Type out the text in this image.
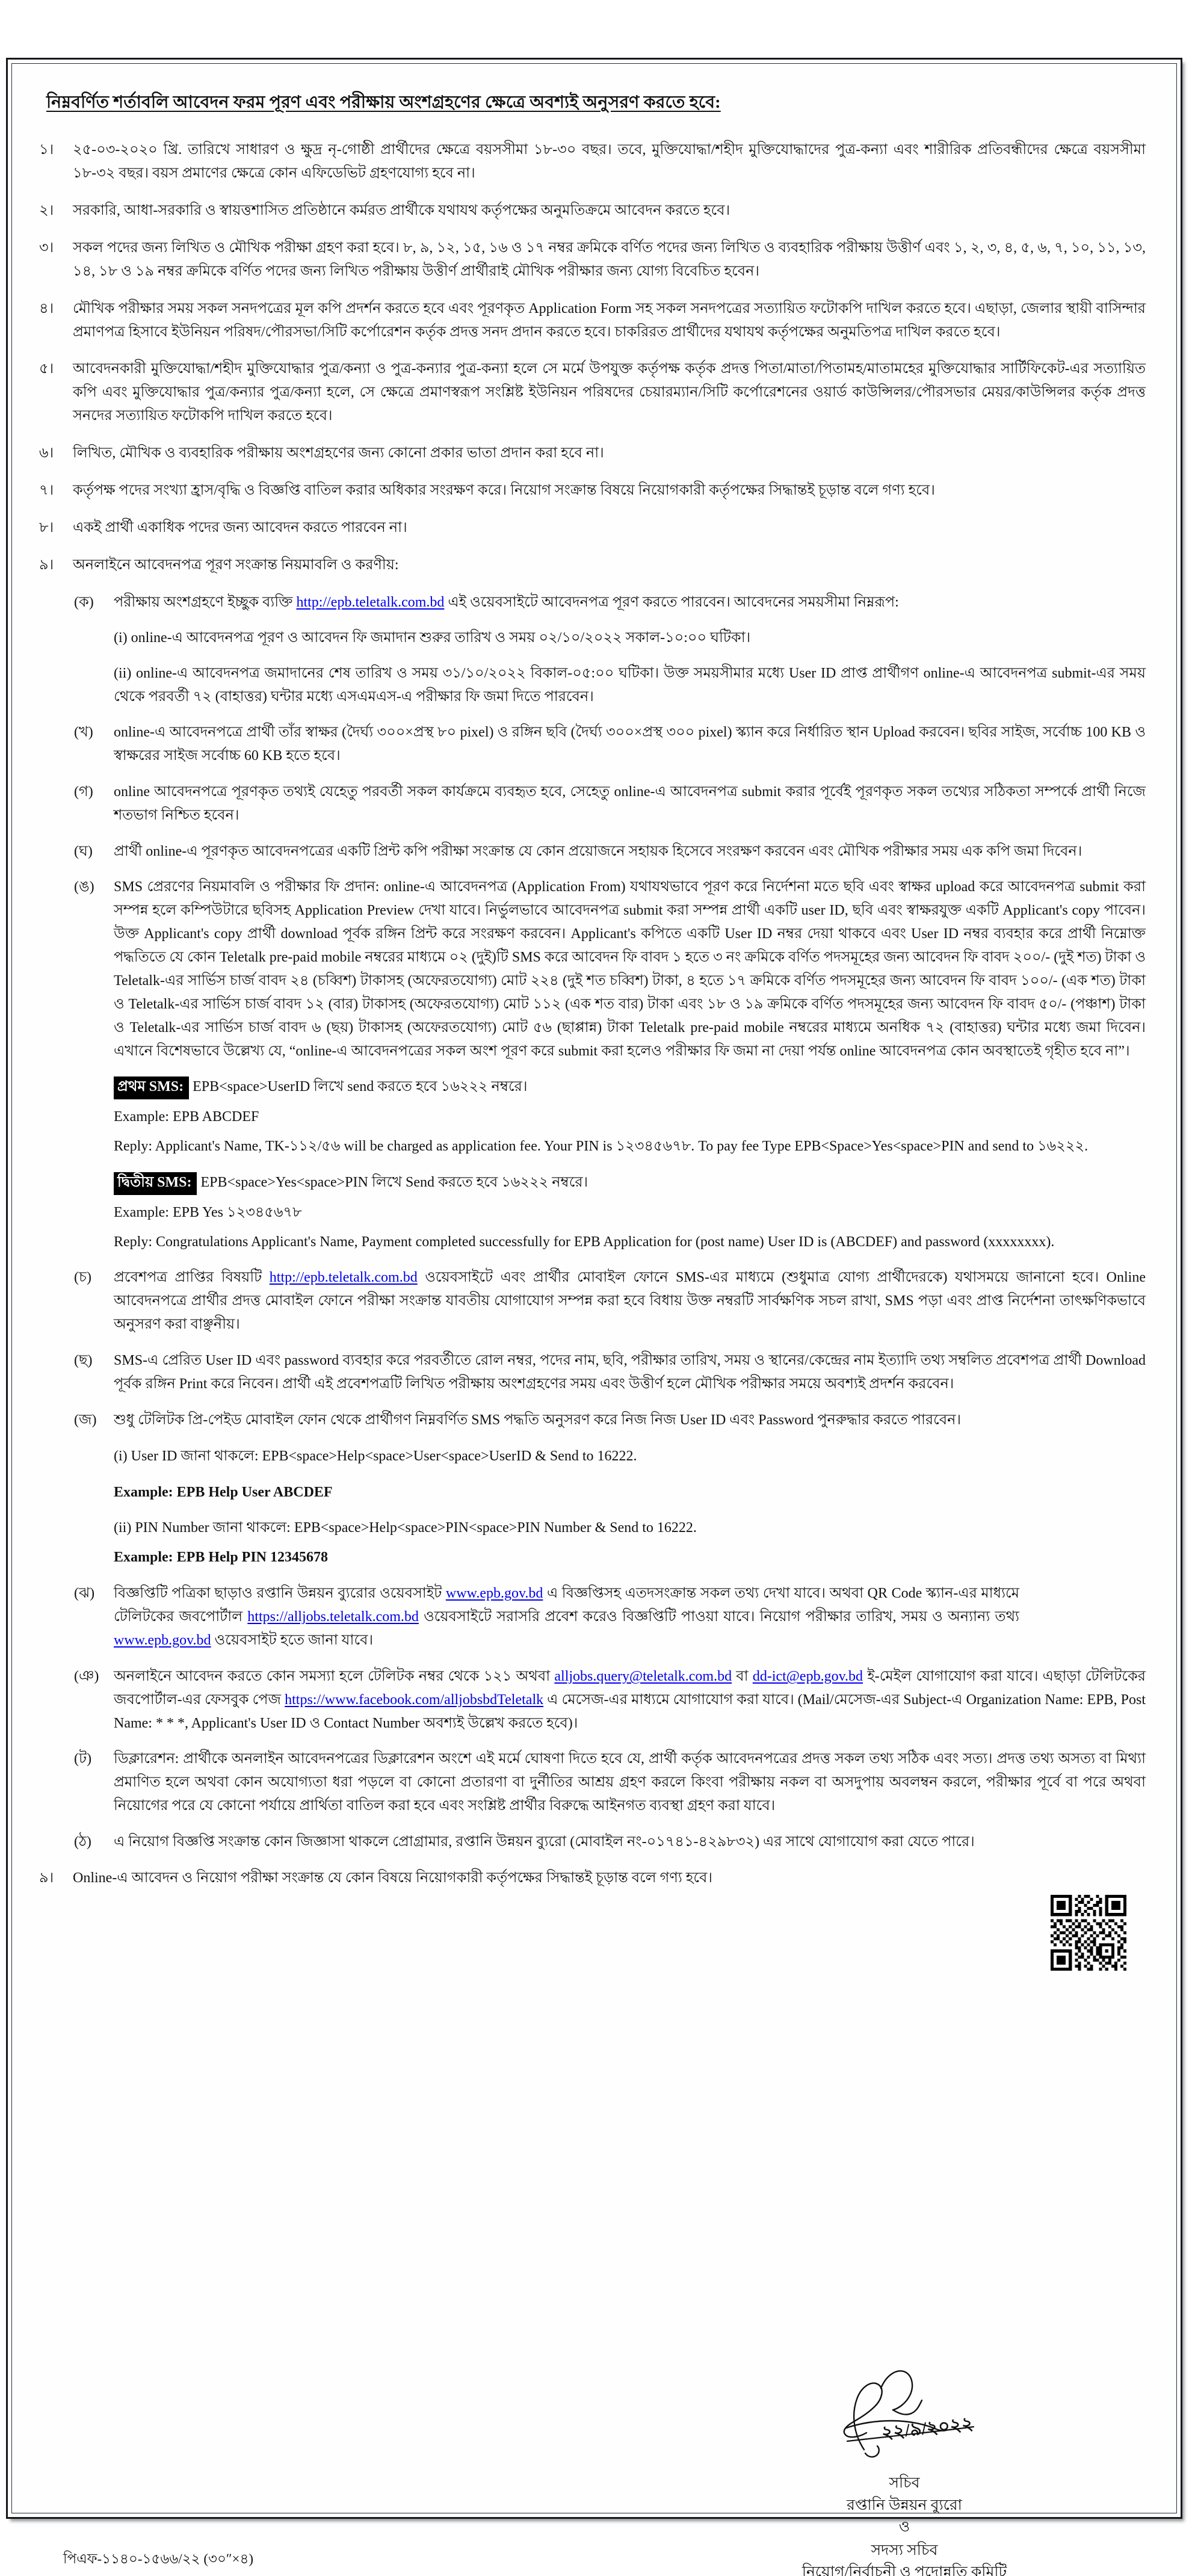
নিম্নবর্ণিত শর্তাবলি আবেদন ফরম পূরণ এবং পরীক্ষায় অংশগ্রহণের ক্ষেত্রে অবশ্যই অনুসরণ করতে হবে:
১।	২৫-০৩-২০২০ খ্রি. তারিখে সাধারণ ও ক্ষুদ্র নৃ-গোষ্ঠী প্রার্থীদের ক্ষেত্রে বয়সসীমা ১৮-৩০ বছর। তবে, মুক্তিযোদ্ধা/শহীদ মুক্তিযোদ্ধাদের পুত্র-কন্যা এবং শারীরিক প্রতিবন্ধীদের ক্ষেত্রে বয়সসীমা ১৮-৩২ বছর। বয়স প্রমাণের ক্ষেত্রে কোন এফিডেভিট গ্রহণযোগ্য হবে না।
২।	সরকারি, আধা-সরকারি ও স্বায়ত্তশাসিত প্রতিষ্ঠানে কর্মরত প্রার্থীকে যথাযথ কর্তৃপক্ষের অনুমতিক্রমে আবেদন করতে হবে।
৩।	সকল পদের জন্য লিখিত ও মৌখিক পরীক্ষা গ্রহণ করা হবে। ৮, ৯, ১২, ১৫, ১৬ ও ১৭ নম্বর ক্রমিকে বর্ণিত পদের জন্য লিখিত ও ব্যবহারিক পরীক্ষায় উত্তীর্ণ এবং ১, ২, ৩, ৪, ৫, ৬, ৭, ১০, ১১, ১৩, ১৪, ১৮ ও ১৯ নম্বর ক্রমিকে বর্ণিত পদের জন্য লিখিত পরীক্ষায় উত্তীর্ণ প্রার্থীরাই মৌখিক পরীক্ষার জন্য যোগ্য বিবেচিত হবেন।
৪।	মৌখিক পরীক্ষার সময় সকল সনদপত্রের মূল কপি প্রদর্শন করতে হবে এবং পূরণকৃত Application Form সহ সকল সনদপত্রের সত্যায়িত ফটোকপি দাখিল করতে হবে। এছাড়া, জেলার স্থায়ী বাসিন্দার প্রমাণপত্র হিসাবে ইউনিয়ন পরিষদ/পৌরসভা/সিটি কর্পোরেশন কর্তৃক প্রদত্ত সনদ প্রদান করতে হবে। চাকরিরত প্রার্থীদের যথাযথ কর্তৃপক্ষের অনুমতিপত্র দাখিল করতে হবে।
৫।	আবেদনকারী মুক্তিযোদ্ধা/শহীদ মুক্তিযোদ্ধার পুত্র/কন্যা ও পুত্র-কন্যার পুত্র-কন্যা হলে সে মর্মে উপযুক্ত কর্তৃপক্ষ কর্তৃক প্রদত্ত পিতা/মাতা/পিতামহ/মাতামহের মুক্তিযোদ্ধার সার্টিফিকেট-এর সত্যায়িত কপি এবং মুক্তিযোদ্ধার পুত্র/কন্যার পুত্র/কন্যা হলে, সে ক্ষেত্রে প্রমাণস্বরূপ সংশ্লিষ্ট ইউনিয়ন পরিষদের চেয়ারম্যান/সিটি কর্পোরেশনের ওয়ার্ড কাউন্সিলর/পৌরসভার মেয়র/কাউন্সিলর কর্তৃক প্রদত্ত সনদের সত্যায়িত ফটোকপি দাখিল করতে হবে।
৬।	লিখিত, মৌখিক ও ব্যবহারিক পরীক্ষায় অংশগ্রহণের জন্য কোনো প্রকার ভাতা প্রদান করা হবে না।
৭।	কর্তৃপক্ষ পদের সংখ্যা হ্রাস/বৃদ্ধি ও বিজ্ঞপ্তি বাতিল করার অধিকার সংরক্ষণ করে। নিয়োগ সংক্রান্ত বিষয়ে নিয়োগকারী কর্তৃপক্ষের সিদ্ধান্তই চূড়ান্ত বলে গণ্য হবে।
৮।	একই প্রার্থী একাধিক পদের জন্য আবেদন করতে পারবেন না।
৯।	অনলাইনে আবেদনপত্র পূরণ সংক্রান্ত নিয়মাবলি ও করণীয়:
(ক)	পরীক্ষায় অংশগ্রহণে ইচ্ছুক ব্যক্তি http://epb.teletalk.com.bd এই ওয়েবসাইটে আবেদনপত্র পূরণ করতে পারবেন। আবেদনের সময়সীমা নিম্নরূপ:
(i) online-এ আবেদনপত্র পূরণ ও আবেদন ফি জমাদান শুরুর তারিখ ও সময় ০২/১০/২০২২ সকাল-১০:০০ ঘটিকা।
(ii) online-এ আবেদনপত্র জমাদানের শেষ তারিখ ও সময় ৩১/১০/২০২২ বিকাল-০৫:০০ ঘটিকা। উক্ত সময়সীমার মধ্যে User ID প্রাপ্ত প্রার্থীগণ online-এ আবেদনপত্র submit-এর সময় থেকে পরবর্তী ৭২ (বাহাত্তর) ঘন্টার মধ্যে এসএমএস-এ পরীক্ষার ফি জমা দিতে পারবেন।
(খ)	online-এ আবেদনপত্রে প্রার্থী তাঁর স্বাক্ষর (দৈর্ঘ্য ৩০০×প্রস্থ ৮০ pixel) ও রঙ্গিন ছবি (দৈর্ঘ্য ৩০০×প্রস্থ ৩০০ pixel) স্ক্যান করে নির্ধারিত স্থান Upload করবেন। ছবির সাইজ, সর্বোচ্চ 100 KB ও স্বাক্ষরের সাইজ সর্বোচ্চ 60 KB হতে হবে।
(গ)	online আবেদনপত্রে পূরণকৃত তথ্যই যেহেতু পরবর্তী সকল কার্যক্রমে ব্যবহৃত হবে, সেহেতু online-এ আবেদনপত্র submit করার পূর্বেই পূরণকৃত সকল তথ্যের সঠিকতা সম্পর্কে প্রার্থী নিজে শতভাগ নিশ্চিত হবেন।
(ঘ)	প্রার্থী online-এ পূরণকৃত আবেদনপত্রের একটি প্রিন্ট কপি পরীক্ষা সংক্রান্ত যে কোন প্রয়োজনে সহায়ক হিসেবে সংরক্ষণ করবেন এবং মৌখিক পরীক্ষার সময় এক কপি জমা দিবেন।
(ঙ)	SMS প্রেরণের নিয়মাবলি ও পরীক্ষার ফি প্রদান: online-এ আবেদনপত্র (Application From) যথাযথভাবে পূরণ করে নির্দেশনা মতে ছবি এবং স্বাক্ষর upload করে আবেদনপত্র submit করা সম্পন্ন হলে কম্পিউটারে ছবিসহ Application Preview দেখা যাবে। নির্ভুলভাবে আবেদনপত্র submit করা সম্পন্ন প্রার্থী একটি user ID, ছবি এবং স্বাক্ষরযুক্ত একটি Applicant's copy পাবেন। উক্ত Applicant's copy প্রার্থী download পূর্বক রঙ্গিন প্রিন্ট করে সংরক্ষণ করবেন। Applicant's কপিতে একটি User ID নম্বর দেয়া থাকবে এবং User ID নম্বর ব্যবহার করে প্রার্থী নিম্নোক্ত পদ্ধতিতে যে কোন Teletalk pre-paid mobile নম্বরের মাধ্যমে ০২ (দুই)টি SMS করে আবেদন ফি বাবদ ১ হতে ৩ নং ক্রমিকে বর্ণিত পদসমূহের জন্য আবেদন ফি বাবদ ২০০/- (দুই শত) টাকা ও Teletalk-এর সার্ভিস চার্জ বাবদ ২৪ (চব্বিশ) টাকাসহ (অফেরতযোগ্য) মোট ২২৪ (দুই শত চব্বিশ) টাকা, ৪ হতে ১৭ ক্রমিকে বর্ণিত পদসমূহের জন্য আবেদন ফি বাবদ ১০০/- (এক শত) টাকা ও Teletalk-এর সার্ভিস চার্জ বাবদ ১২ (বার) টাকাসহ (অফেরতযোগ্য) মোট ১১২ (এক শত বার) টাকা এবং ১৮ ও ১৯ ক্রমিকে বর্ণিত পদসমূহের জন্য আবেদন ফি বাবদ ৫০/- (পঞ্চাশ) টাকা ও Teletalk-এর সার্ভিস চার্জ বাবদ ৬ (ছয়) টাকাসহ (অফেরতযোগ্য) মোট ৫৬ (ছাপ্পান্ন) টাকা Teletalk pre-paid mobile নম্বরের মাধ্যমে অনধিক ৭২ (বাহাত্তর) ঘন্টার মধ্যে জমা দিবেন। এখানে বিশেষভাবে উল্লেখ্য যে, “online-এ আবেদনপত্রের সকল অংশ পূরণ করে submit করা হলেও পরীক্ষার ফি জমা না দেয়া পর্যন্ত online আবেদনপত্র কোন অবস্থাতেই গৃহীত হবে না”।
প্রথম SMS: EPB<space>UserID লিখে send করতে হবে ১৬২২২ নম্বরে।
Example: EPB ABCDEF
Reply: Applicant's Name, TK-১১২/৫৬ will be charged as application fee. Your PIN is ১২৩৪৫৬৭৮. To pay fee Type EPB<Space>Yes<space>PIN and send to ১৬২২২.
দ্বিতীয় SMS: EPB<space>Yes<space>PIN লিখে Send করতে হবে ১৬২২২ নম্বরে।
Example: EPB Yes ১২৩৪৫৬৭৮
Reply: Congratulations Applicant's Name, Payment completed successfully for EPB Application for (post name) User ID is (ABCDEF) and password (xxxxxxxx).
(চ)	প্রবেশপত্র প্রাপ্তির বিষয়টি http://epb.teletalk.com.bd ওয়েবসাইটে এবং প্রার্থীর মোবাইল ফোনে SMS-এর মাধ্যমে (শুধুমাত্র যোগ্য প্রার্থীদেরকে) যথাসময়ে জানানো হবে। Online আবেদনপত্রে প্রার্থীর প্রদত্ত মোবাইল ফোনে পরীক্ষা সংক্রান্ত যাবতীয় যোগাযোগ সম্পন্ন করা হবে বিধায় উক্ত নম্বরটি সার্বক্ষণিক সচল রাখা, SMS পড়া এবং প্রাপ্ত নির্দেশনা তাৎক্ষণিকভাবে অনুসরণ করা বাঞ্ছনীয়।
(ছ)	SMS-এ প্রেরিত User ID এবং password ব্যবহার করে পরবর্তীতে রোল নম্বর, পদের নাম, ছবি, পরীক্ষার তারিখ, সময় ও স্থানের/কেন্দ্রের নাম ইত্যাদি তথ্য সম্বলিত প্রবেশপত্র প্রার্থী Download পূর্বক রঙ্গিন Print করে নিবেন। প্রার্থী এই প্রবেশপত্রটি লিখিত পরীক্ষায় অংশগ্রহণের সময় এবং উত্তীর্ণ হলে মৌখিক পরীক্ষার সময়ে অবশ্যই প্রদর্শন করবেন।
(জ)	শুধু টেলিটক প্রি-পেইড মোবাইল ফোন থেকে প্রার্থীগণ নিম্নবর্ণিত SMS পদ্ধতি অনুসরণ করে নিজ নিজ User ID এবং Password পুনরুদ্ধার করতে পারবেন।
(i) User ID জানা থাকলে: EPB<space>Help<space>User<space>UserID & Send to 16222.
Example: EPB Help User ABCDEF
(ii) PIN Number জানা থাকলে: EPB<space>Help<space>PIN<space>PIN Number & Send to 16222.
Example: EPB Help PIN 12345678
(ঝ)	বিজ্ঞপ্তিটি পত্রিকা ছাড়াও রপ্তানি উন্নয়ন ব্যুরোর ওয়েবসাইট www.epb.gov.bd এ বিজ্ঞপ্তিসহ এতদসংক্রান্ত সকল তথ্য দেখা যাবে। অথবা QR Code স্ক্যান-এর মাধ্যমে টেলিটকের জবপোর্টাল https://alljobs.teletalk.com.bd ওয়েবসাইটে সরাসরি প্রবেশ করেও বিজ্ঞপ্তিটি পাওয়া যাবে। নিয়োগ পরীক্ষার তারিখ, সময় ও অন্যান্য তথ্য www.epb.gov.bd ওয়েবসাইট হতে জানা যাবে।
(ঞ)	অনলাইনে আবেদন করতে কোন সমস্যা হলে টেলিটক নম্বর থেকে ১২১ অথবা alljobs.query@teletalk.com.bd বা dd-ict@epb.gov.bd ই-মেইল যোগাযোগ করা যাবে। এছাড়া টেলিটকের জবপোর্টাল-এর ফেসবুক পেজ https://www.facebook.com/alljobsbdTeletalk এ মেসেজ-এর মাধ্যমে যোগাযোগ করা যাবে। (Mail/মেসেজ-এর Subject-এ Organization Name: EPB, Post Name: * * *, Applicant's User ID ও Contact Number অবশ্যই উল্লেখ করতে হবে)।
(ট)	ডিক্লারেশন: প্রার্থীকে অনলাইন আবেদনপত্রের ডিক্লারেশন অংশে এই মর্মে ঘোষণা দিতে হবে যে, প্রার্থী কর্তৃক আবেদনপত্রের প্রদত্ত সকল তথ্য সঠিক এবং সত্য। প্রদত্ত তথ্য অসত্য বা মিথ্যা প্রমাণিত হলে অথবা কোন অযোগ্যতা ধরা পড়লে বা কোনো প্রতারণা বা দুর্নীতির আশ্রয় গ্রহণ করলে কিংবা পরীক্ষায় নকল বা অসদুপায় অবলম্বন করলে, পরীক্ষার পূর্বে বা পরে অথবা নিয়োগের পরে যে কোনো পর্যায়ে প্রার্থিতা বাতিল করা হবে এবং সংশ্লিষ্ট প্রার্থীর বিরুদ্ধে আইনগত ব্যবস্থা গ্রহণ করা যাবে।
(ঠ)	এ নিয়োগ বিজ্ঞপ্তি সংক্রান্ত কোন জিজ্ঞাসা থাকলে প্রোগ্রামার, রপ্তানি উন্নয়ন ব্যুরো (মোবাইল নং-০১৭৪১-৪২৯৮৩২) এর সাথে যোগাযোগ করা যেতে পারে।
৯।	Online-এ আবেদন ও নিয়োগ পরীক্ষা সংক্রান্ত যে কোন বিষয়ে নিয়োগকারী কর্তৃপক্ষের সিদ্ধান্তই চূড়ান্ত বলে গণ্য হবে।
২২/৯/২০২২
সচিব
রপ্তানি উন্নয়ন ব্যুরো
ও
সদস্য সচিব
নিয়োগ/নির্বাচনী ও পদোন্নতি কমিটি
পিএফ-১১৪০-১৫৬৬/২২ (৩০″×৪)
